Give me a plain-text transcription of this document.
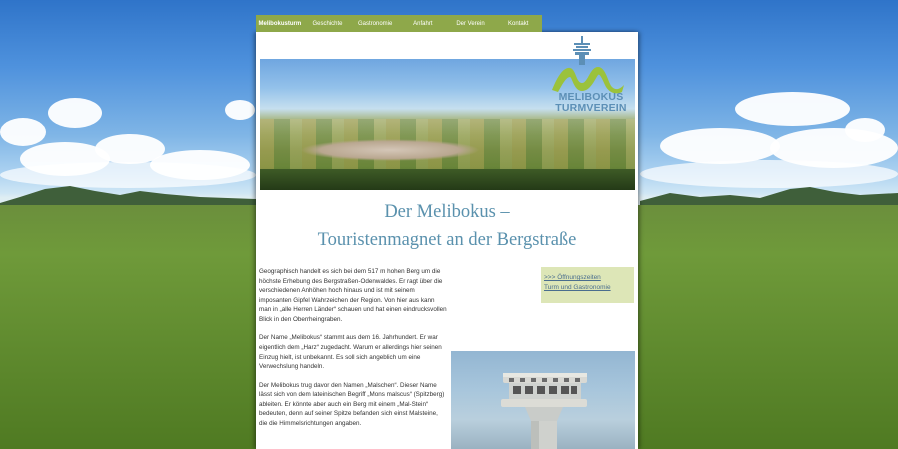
Melibokusturm	Geschichte	Gastronomie	Anfahrt	Der Verein	Kontakt
MELIBOKUS
TURMVEREIN
Der Melibokus –
Touristenmagnet an der Bergstraße

Geographisch handelt es sich bei dem 517 m hohen Berg um die höchste Erhebung des Bergstraßen-Odenwaldes. Er ragt über die verschiedenen Anhöhen hoch hinaus und ist mit seinem imposanten Gipfel Wahrzeichen der Region. Von hier aus kann man in „alle Herren Länder“ schauen und hat einen eindrucksvollen Blick in den Oberrheingraben.

Der Name „Melibokus“ stammt aus dem 16. Jahrhundert. Er war eigentlich dem „Harz“ zugedacht. Warum er allerdings hier seinen Einzug hielt, ist unbekannt. Es soll sich angeblich um eine Verwechslung handeln.

Der Melibokus trug davor den Namen „Malschen“. Dieser Name lässt sich von dem lateinischen Begriff „Mons malscus“ (Spitzberg) ableiten. Er könnte aber auch ein Berg mit einem „Mal-Stein“ bedeuten, denn auf seiner Spitze befanden sich einst Malsteine, die die Himmelsrichtungen angaben.

>>> Öffnungszeiten
Turm und Gastronomie
